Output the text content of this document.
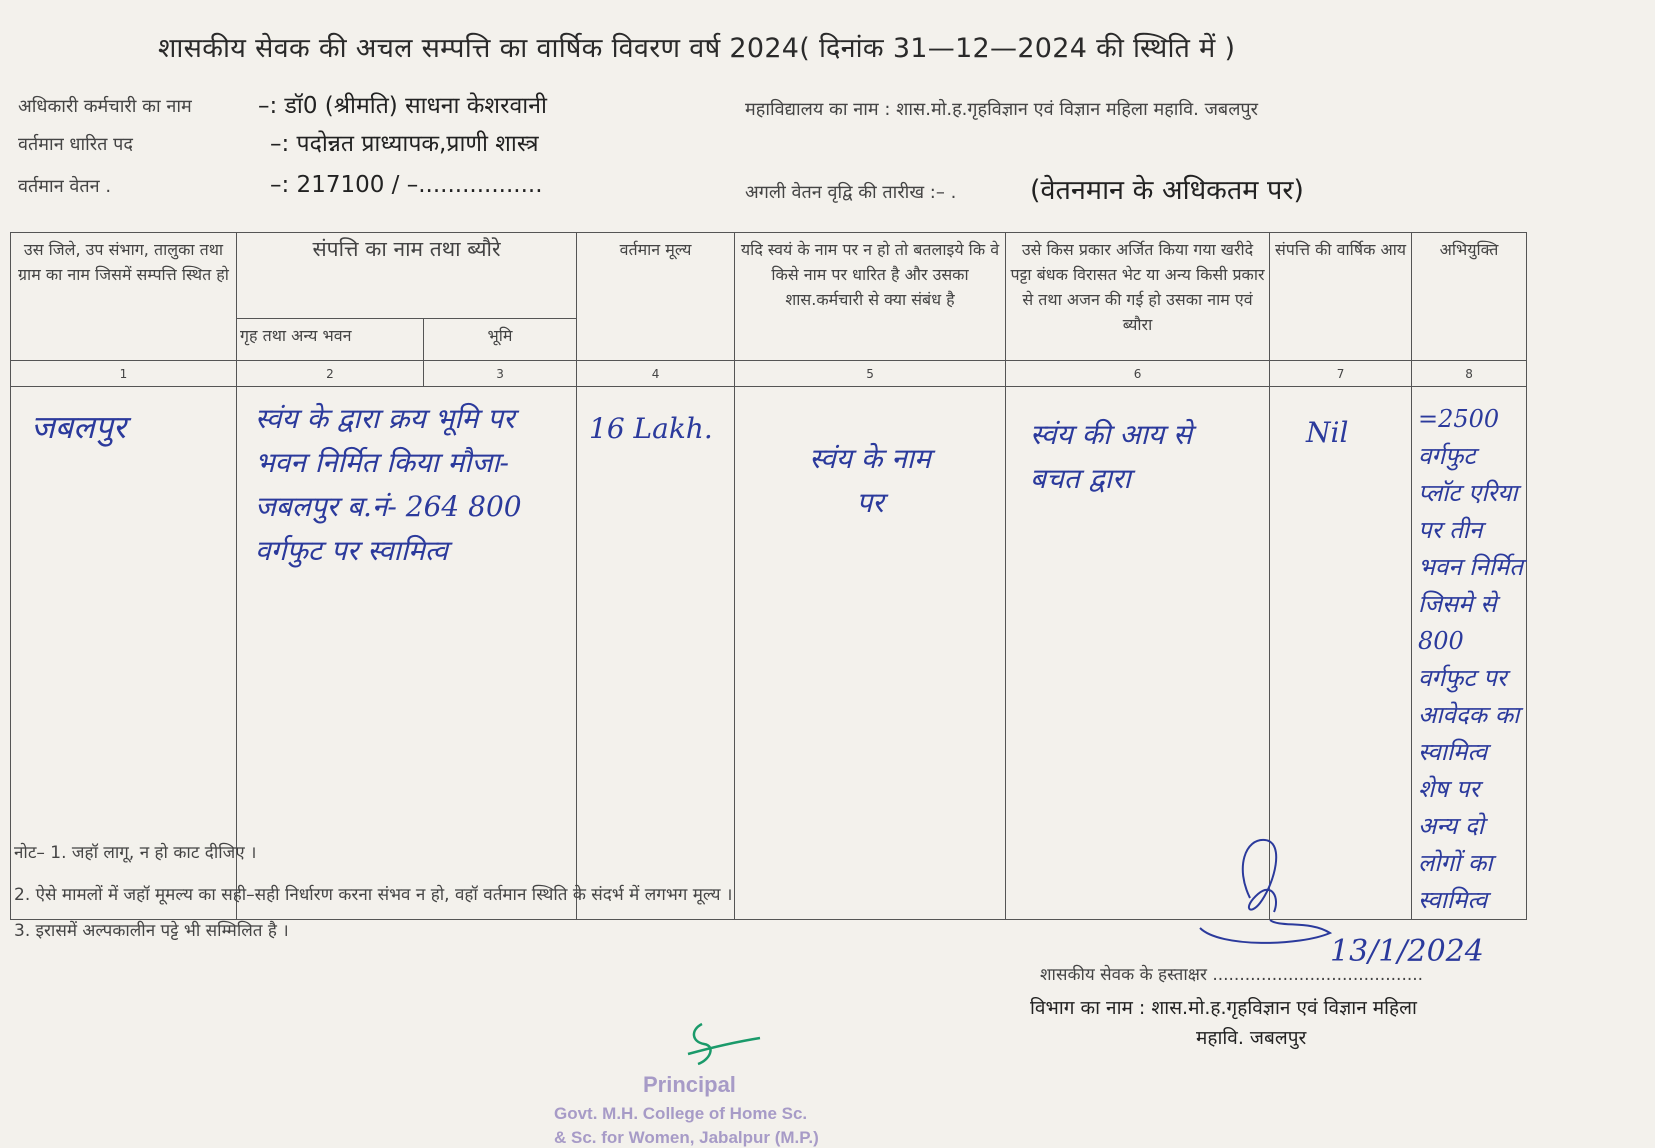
शासकीय सेवक की अचल सम्पत्ति का वार्षिक विवरण वर्ष 2024( दिनांक 31—12—2024 की स्थिति में )
अधिकारी कर्मचारी का नाम	–: डॉ0 (श्रीमति) साधना केशरवानी	महाविद्यालय का नाम : शास.मो.ह.गृहविज्ञान एवं विज्ञान महिला महावि. जबलपुर
वर्तमान धारित पद	–: पदोन्नत प्राध्यापक,प्राणी शास्त्र
वर्तमान वेतन .	–: 217100 / –.................	अगली वेतन वृद्वि की तारीख :– .	(वेतनमान के अधिकतम पर)
उस जिले, उप संभाग, तालुका तथा ग्राम का नाम जिसमें सम्पत्ति स्थित हो	संपत्ति का नाम तथा ब्यौरे		वर्तमान मूल्य	यदि स्वयं के नाम पर न हो तो बतलाइये कि वे किसे नाम पर धारित है और उसका शास.कर्मचारी से क्या संबंध है	उसे किस प्रकार अर्जित किया गया खरीदे पट्टा बंधक विरासत भेट या अन्य किसी प्रकार से तथा अजन की गई हो उसका नाम एवं ब्यौरा	संपत्ति की वार्षिक आय	अभियुक्ति
	गृह तथा अन्य भवन	भूमि					
1	2	3	4	5	6	7	8

जबलपुर	स्वंय के द्वारा क्रय भूमि पर भवन निर्मित किया मौजा- जबलपुर ब.नं- 264 800 वर्गफुट पर स्वामित्व		16 Lakh.	स्वंय के नाम पर	स्वंय की आय से बचत द्वारा	Nil	=2500 वर्गफुट प्लॉट एरिया पर तीन भवन निर्मित जिसमे से 800 वर्गफुट पर आवेदक का स्वामित्व शेष पर अन्य दो लोगों का स्वामित्व
नोट– 1. जहॉ लागू, न हो काट दीजिए ।
2. ऐसे मामलों में जहॉ मूमल्य का सही–सही निर्धारण करना संभव न हो, वहॉ वर्तमान स्थिति के संदर्भ में लगभग मूल्य ।
3. इरासमें अल्पकालीन पट्टे भी सम्मिलित है ।
13/1/2024
शासकीय सेवक के हस्ताक्षर .......................................
विभाग का नाम : शास.मो.ह.गृहविज्ञान एवं विज्ञान महिला
महावि. जबलपुर
Principal
Govt. M.H. College of Home Sc.
& Sc. for Women, Jabalpur (M.P.)
